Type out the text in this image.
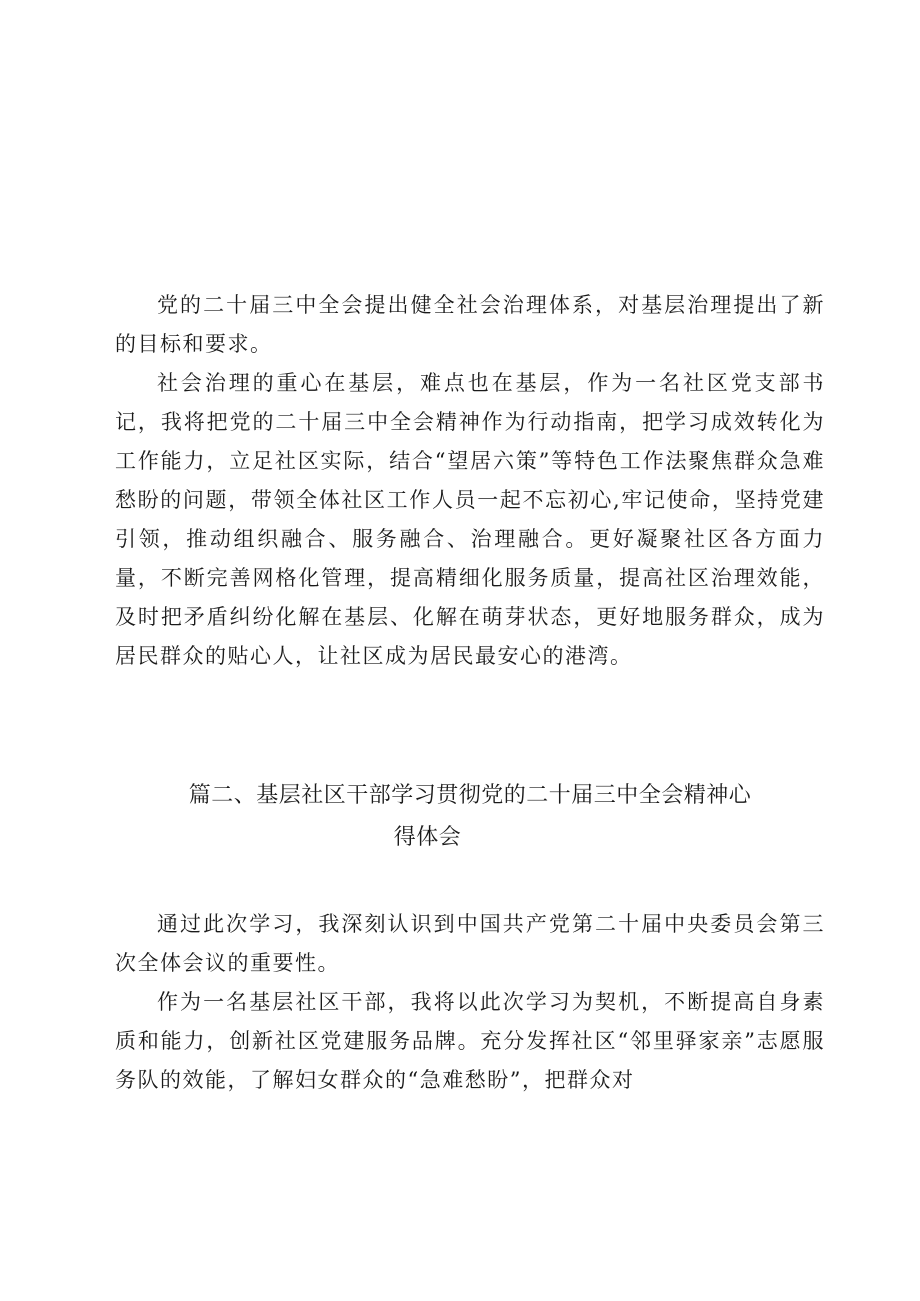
党的二十届三中全会提出健全社会治理体系，对基层治理提出了新的目标和要求。

社会治理的重心在基层，难点也在基层，作为一名社区党支部书记，我将把党的二十届三中全会精神作为行动指南，把学习成效转化为工作能力，立足社区实际，结合“望居六策”等特色工作法聚焦群众急难愁盼的问题，带领全体社区工作人员一起不忘初心,牢记使命，坚持党建引领，推动组织融合、服务融合、治理融合。更好凝聚社区各方面力量，不断完善网格化管理，提高精细化服务质量，提高社区治理效能，及时把矛盾纠纷化解在基层、化解在萌芽状态，更好地服务群众，成为居民群众的贴心人，让社区成为居民最安心的港湾。

篇二、基层社区干部学习贯彻党的二十届三中全会精神心
得体会

通过此次学习，我深刻认识到中国共产党第二十届中央委员会第三次全体会议的重要性。

作为一名基层社区干部，我将以此次学习为契机，不断提高自身素质和能力，创新社区党建服务品牌。充分发挥社区“邻里驿家亲”志愿服务队的效能，了解妇女群众的“急难愁盼”，把群众对
